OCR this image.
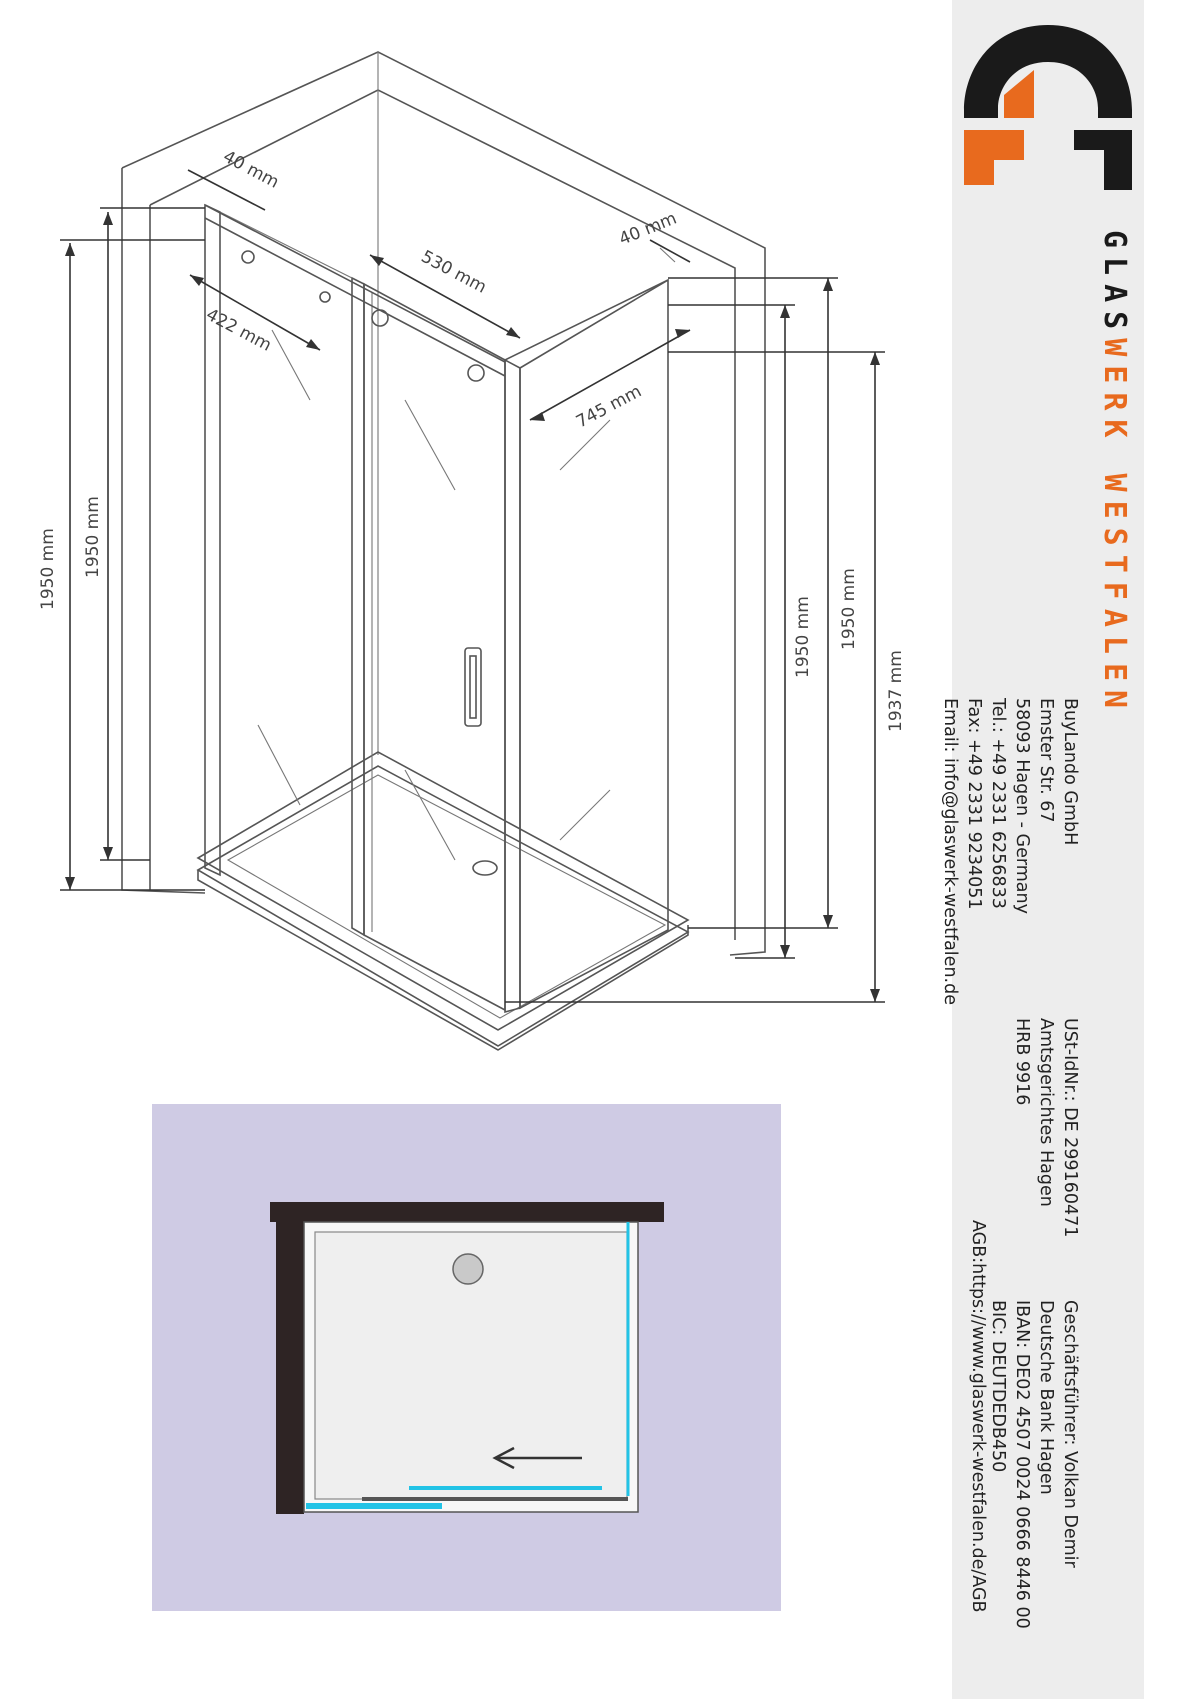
40 mm
530 mm
40 mm
422 mm
745 mm
1950 mm 1950 mm
1950 mm 1950 mm
1937 mm
GLASWERK WESTFALEN
BuyLando GmbH
Emster Str. 67
58093 Hagen - Germany
Tel.: +49 2331 6256833
Fax: +49 2331 9234051
Email: info@glaswerk-westfalen.de
USt-IdNr.: DE 299160471
Amtsgerichtes Hagen
HRB 9916
Geschäftsführer: Volkan Demir
Deutsche Bank Hagen
IBAN: DE02 4507 0024 0666 8446 00
BIC: DEUTDEDB450
AGB:https://www.glaswerk-westfalen.de/AGB
